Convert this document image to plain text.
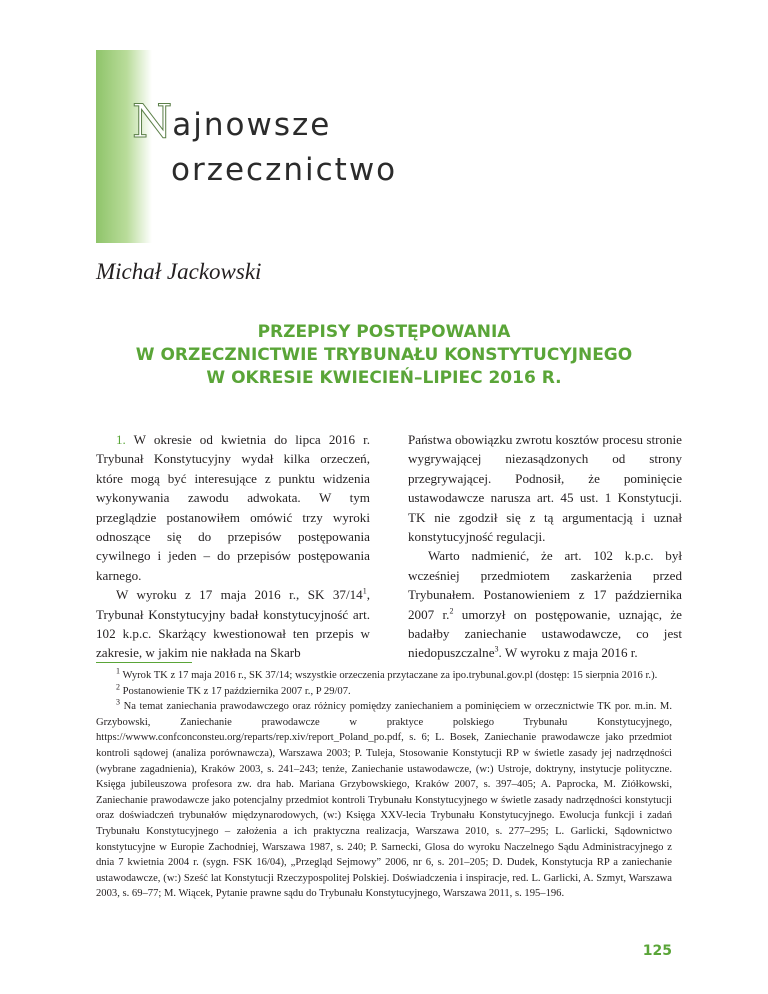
Najnowsze
orzecznictwo
Michał Jackowski
PRZEPISY POSTĘPOWANIA
W ORZECZNICTWIE TRYBUNAŁU KONSTYTUCYJNEGO
W OKRESIE KWIECIEŃ–LIPIEC 2016 R.

1. W okresie od kwietnia do lipca 2016 r. Trybunał Konstytucyjny wydał kilka orzeczeń, które mogą być interesujące z punktu widzenia wykonywania zawodu adwokata. W tym przeglądzie postanowiłem omówić trzy wyroki odnoszące się do przepisów postępowania cywilnego i jeden – do przepisów postępowania karnego.

W wyroku z 17 maja 2016 r., SK $37/14^1$, Trybunał Konstytucyjny badał konstytucyjność art. 102 k.p.c. Skarżący kwestionował ten przepis w zakresie, w jakim nie nakłada na Skarb

Państwa obowiązku zwrotu kosztów procesu stronie wygrywającej niezasądzonych od strony przegrywającej. Podnosił, że pominięcie ustawodawcze narusza art. 45 ust. 1 Konstytucji. TK nie zgodził się z tą argumentacją i uznał konstytucyjność regulacji.

Warto nadmienić, że art. 102 k.p.c. był wcześniej przedmiotem zaskarżenia przed Trybunałem. Postanowieniem z 17 października 2007 r.$^2$ umorzył on postępowanie, uznając, że badałby zaniechanie ustawodawcze, co jest niedopuszczalne$^3$. W wyroku z maja 2016 r.

$^1$ Wyrok TK z 17 maja 2016 r., SK 37/14; wszystkie orzeczenia przytaczane za ipo.trybunal.gov.pl (dostęp: 15 sierpnia 2016 r.).

$^2$ Postanowienie TK z 17 października 2007 r., P 29/07.

$^3$ Na temat zaniechania prawodawczego oraz różnicy pomiędzy zaniechaniem a pominięciem w orzecznictwie TK por. m.in. M. Grzybowski, Zaniechanie prawodawcze w praktyce polskiego Trybunału Konstytucyjnego, https://wwww.confconconsteu.org/reparts/rep.xiv/report_Poland_po.pdf, s. 6; L. Bosek, Zaniechanie prawodawcze jako przedmiot kontroli sądowej (analiza porównawcza), Warszawa 2003; P. Tuleja, Stosowanie Konstytucji RP w świetle zasady jej nadrzędności (wybrane zagadnienia), Kraków 2003, s. 241–243; tenże, Zaniechanie ustawodawcze, (w:) Ustroje, doktryny, instytucje polityczne. Księga jubileuszowa profesora zw. dra hab. Mariana Grzybowskiego, Kraków 2007, s. 397–405; A. Paprocka, M. Ziółkowski, Zaniechanie prawodawcze jako potencjalny przedmiot kontroli Trybunału Konstytucyjnego w świetle zasady nadrzędności konstytucji oraz doświadczeń trybunałów międzynarodowych, (w:) Księga XXV-lecia Trybunału Konstytucyjnego. Ewolucja funkcji i zadań Trybunału Konstytucyjnego – założenia a ich praktyczna realizacja, Warszawa 2010, s. 277–295; L. Garlicki, Sądownictwo konstytucyjne w Europie Zachodniej, Warszawa 1987, s. 240; P. Sarnecki, Glosa do wyroku Naczelnego Sądu Administracyjnego z dnia 7 kwietnia 2004 r. (sygn. FSK 16/04), „Przegląd Sejmowy” 2006, nr 6, s. 201–205; D. Dudek, Konstytucja RP a zaniechanie ustawodawcze, (w:) Sześć lat Konstytucji Rzeczypospolitej Polskiej. Doświadczenia i inspiracje, red. L. Garlicki, A. Szmyt, Warszawa 2003, s. 69–77; M. Wiącek, Pytanie prawne sądu do Trybunału Konstytucyjnego, Warszawa 2011, s. 195–196.

125
